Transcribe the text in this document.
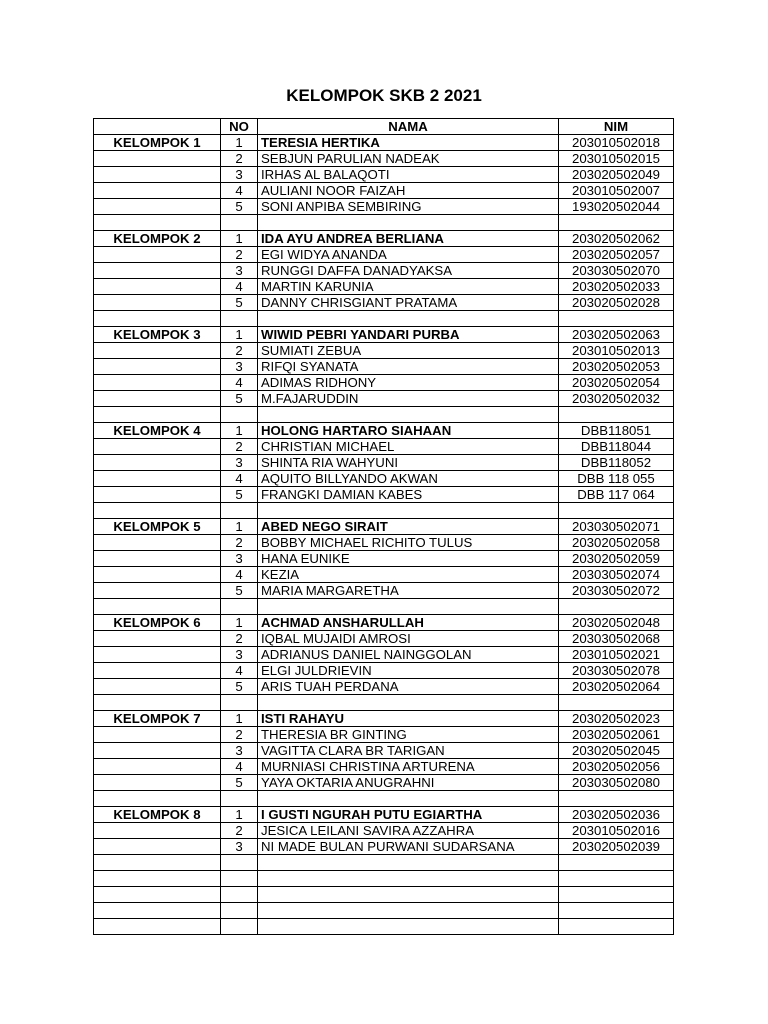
KELOMPOK SKB 2 2021
	NO	NAMA	NIM
KELOMPOK 1	1	TERESIA HERTIKA	203010502018
	2	SEBJUN PARULIAN NADEAK	203010502015
	3	IRHAS AL BALAQOTI	203020502049
	4	AULIANI NOOR FAIZAH	203010502007
	5	SONI ANPIBA SEMBIRING	193020502044

KELOMPOK 2	1	IDA AYU ANDREA BERLIANA	203020502062
	2	EGI WIDYA ANANDA	203020502057
	3	RUNGGI DAFFA DANADYAKSA	203030502070
	4	MARTIN KARUNIA	203020502033
	5	DANNY CHRISGIANT PRATAMA	203020502028

KELOMPOK 3	1	WIWID PEBRI YANDARI PURBA	203020502063
	2	SUMIATI ZEBUA	203010502013
	3	RIFQI SYANATA	203020502053
	4	ADIMAS RIDHONY	203020502054
	5	M.FAJARUDDIN	203020502032

KELOMPOK 4	1	HOLONG HARTARO SIAHAAN	DBB118051
	2	CHRISTIAN MICHAEL	DBB118044
	3	SHINTA RIA WAHYUNI	DBB118052
	4	AQUITO BILLYANDO AKWAN	DBB 118 055
	5	FRANGKI DAMIAN KABES	DBB 117 064

KELOMPOK 5	1	ABED NEGO SIRAIT	203030502071
	2	BOBBY MICHAEL RICHITO TULUS	203020502058
	3	HANA EUNIKE	203020502059
	4	KEZIA	203030502074
	5	MARIA MARGARETHA	203030502072

KELOMPOK 6	1	ACHMAD ANSHARULLAH	203020502048
	2	IQBAL MUJAIDI AMROSI	203030502068
	3	ADRIANUS DANIEL NAINGGOLAN	203010502021
	4	ELGI JULDRIEVIN	203030502078
	5	ARIS TUAH PERDANA	203020502064

KELOMPOK 7	1	ISTI RAHAYU	203020502023
	2	THERESIA BR GINTING	203020502061
	3	VAGITTA CLARA BR TARIGAN	203020502045
	4	MURNIASI CHRISTINA ARTURENA	203020502056
	5	YAYA OKTARIA ANUGRAHNI	203030502080

KELOMPOK 8	1	I GUSTI NGURAH PUTU EGIARTHA	203020502036
	2	JESICA LEILANI SAVIRA AZZAHRA	203010502016
	3	NI MADE BULAN PURWANI SUDARSANA	203020502039
